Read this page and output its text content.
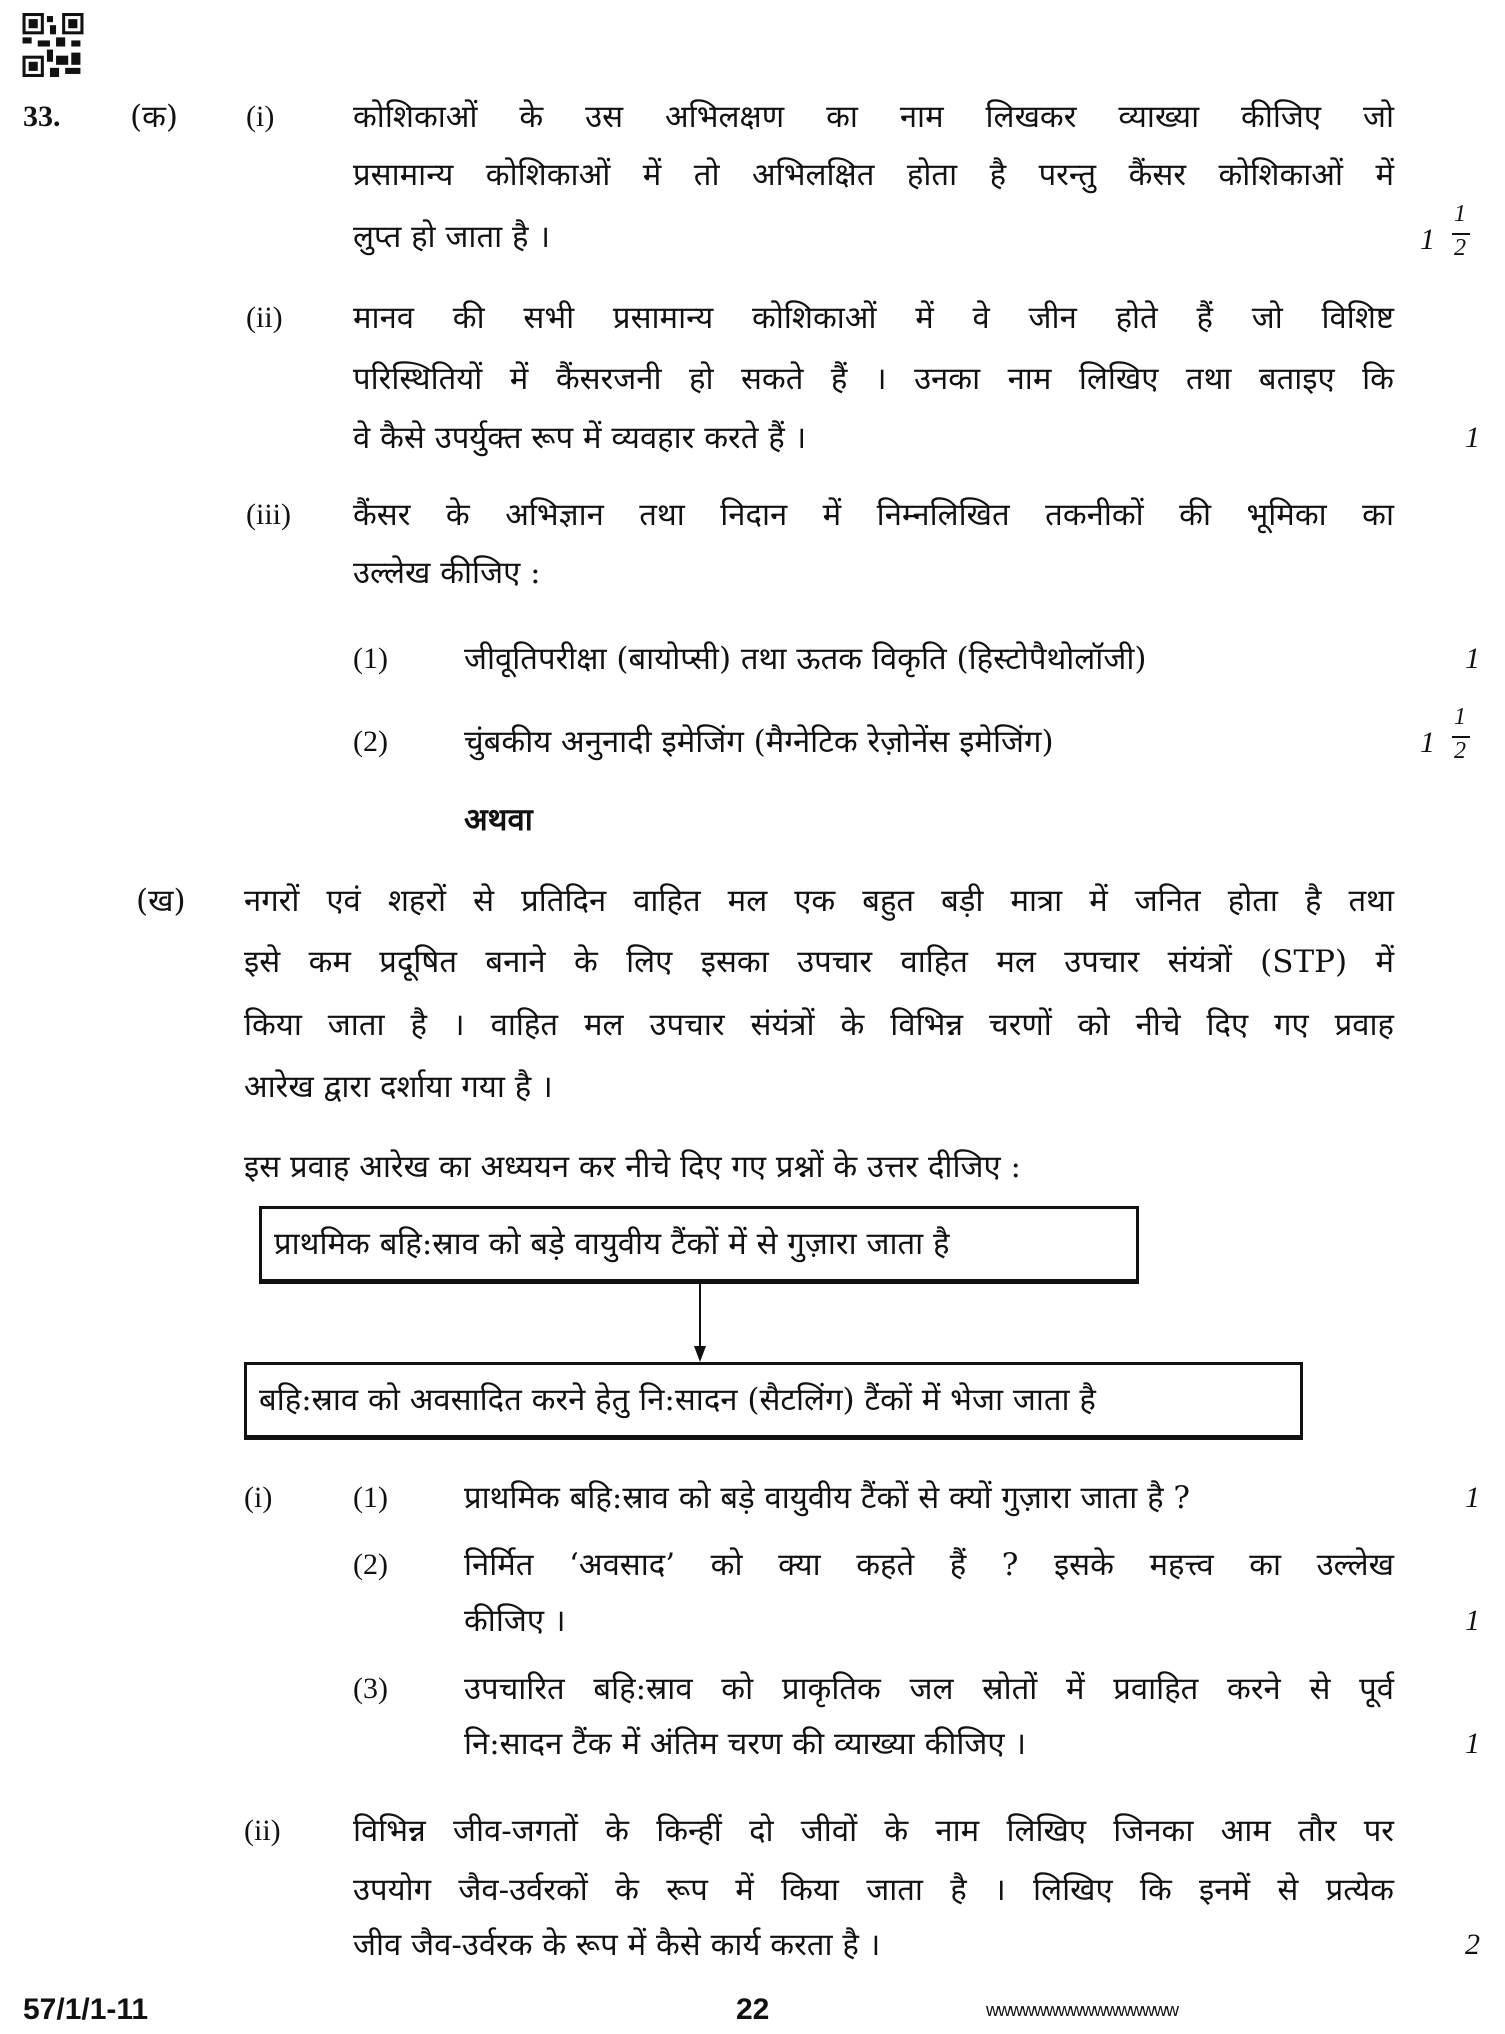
33. (क) (i)	कोशिकाओं के उस अभिलक्षण का नाम लिखकर व्याख्या कीजिए जो
प्रसामान्य कोशिकाओं में तो अभिलक्षित होता है परन्तु कैंसर कोशिकाओं में
लुप्त हो जाता है ।	1
1
2
(ii) मानव की सभी प्रसामान्य कोशिकाओं में वे जीन होते हैं जो विशिष्ट
परिस्थितियों में कैंसरजनी हो सकते हैं । उनका नाम लिखिए तथा बताइए कि
वे कैसे उपर्युक्त रूप में व्यवहार करते हैं ।	1
(iii) कैंसर के अभिज्ञान तथा निदान में निम्नलिखित तकनीकों की भूमिका का
उल्लेख कीजिए :
(1) जीवूतिपरीक्षा (बायोप्सी) तथा ऊतक विकृति (हिस्टोपैथोलॉजी)	1
(2) चुंबकीय अनुनादी इमेजिंग (मैग्नेटिक रेज़ोनेंस इमेजिंग)	1
1
2
अथवा
(ख) नगरों एवं शहरों से प्रतिदिन वाहित मल एक बहुत बड़ी मात्रा में जनित होता है तथा
इसे कम प्रदूषित बनाने के लिए इसका उपचार वाहित मल उपचार संयंत्रों (STP) में
किया जाता है । वाहित मल उपचार संयंत्रों के विभिन्न चरणों को नीचे दिए गए प्रवाह
आरेख द्वारा दर्शाया गया है ।
इस प्रवाह आरेख का अध्ययन कर नीचे दिए गए प्रश्नों के उत्तर दीजिए :
प्राथमिक बहि:स्राव को बड़े वायुवीय टैंकों में से गुज़ारा जाता है
बहि:स्राव को अवसादित करने हेतु नि:सादन (सैटलिंग) टैंकों में भेजा जाता है
(i)	(1) प्राथमिक बहि:स्राव को बड़े वायुवीय टैंकों से क्यों गुज़ारा जाता है ?	1
(2) निर्मित ‘अवसाद’ को क्या कहते हैं ? इसके महत्त्व का उल्लेख
कीजिए ।	1
(3) उपचारित बहि:स्राव को प्राकृतिक जल स्रोतों में प्रवाहित करने से पूर्व
नि:सादन टैंक में अंतिम चरण की व्याख्या कीजिए ।	1
(ii) विभिन्न जीव-जगतों के किन्हीं दो जीवों के नाम लिखिए जिनका आम तौर पर
उपयोग जैव-उर्वरकों के रूप में किया जाता है । लिखिए कि इनमें से प्रत्येक
जीव जैव-उर्वरक के रूप में कैसे कार्य करता है ।	2
57/1/1-11	22	wwwwwwwwwwwwwwww
